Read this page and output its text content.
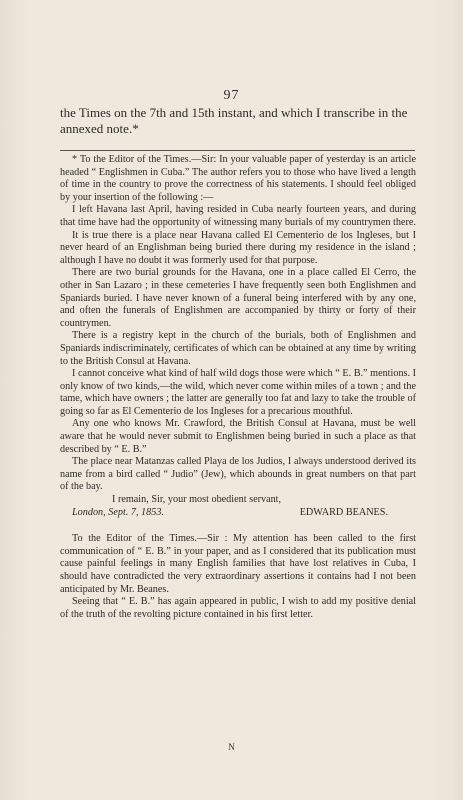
97

the Times on the 7th and 15th instant, and which I transcribe in the annexed note.*

* To the Editor of the Times.—Sir: In your valuable paper of yesterday is an article headed “ Englishmen in Cuba.” The author refers you to those who have lived a length of time in the country to prove the correctness of his statements. I should feel obliged by your insertion of the following :—

I left Havana last April, having resided in Cuba nearly fourteen years, and during that time have had the opportunity of witnessing many burials of my countrymen there.

It is true there is a place near Havana called El Cementerio de los Ingleses, but I never heard of an Englishman being buried there during my residence in the island ; although I have no doubt it was formerly used for that purpose.

There are two burial grounds for the Havana, one in a place called El Cerro, the other in San Lazaro ; in these cemeteries I have frequently seen both Englishmen and Spaniards buried. I have never known of a funeral being interfered with by any one, and often the funerals of Englishmen are accompanied by thirty or forty of their countrymen.

There is a registry kept in the church of the burials, both of Englishmen and Spaniards indiscriminately, certificates of which can be obtained at any time by writing to the British Consul at Havana.

I cannot conceive what kind of half wild dogs those were which “ E. B.” mentions. I only know of two kinds,—the wild, which never come within miles of a town ; and the tame, which have owners ; the latter are generally too fat and lazy to take the trouble of going so far as El Cementerio de los Ingleses for a precarious mouthful.

Any one who knows Mr. Crawford, the British Consul at Havana, must be well aware that he would never submit to Englishmen being buried in such a place as that described by “ E. B.”

The place near Matanzas called Playa de los Judios, I always understood derived its name from a bird called “ Judio” (Jew), which abounds in great numbers on that part of the bay.

I remain, Sir, your most obedient servant,

London, Sept. 7, 1853.	EDWARD BEANES.

To the Editor of the Times.—Sir : My attention has been called to the first communication of “ E. B.” in your paper, and as I considered that its publication must cause painful feelings in many English families that have lost relatives in Cuba, I should have contradicted the very extraordinary assertions it contains had I not been anticipated by Mr. Beanes.

Seeing that “ E. B.” has again appeared in public, I wish to add my positive denial of the truth of the revolting picture contained in his first letter.

N
